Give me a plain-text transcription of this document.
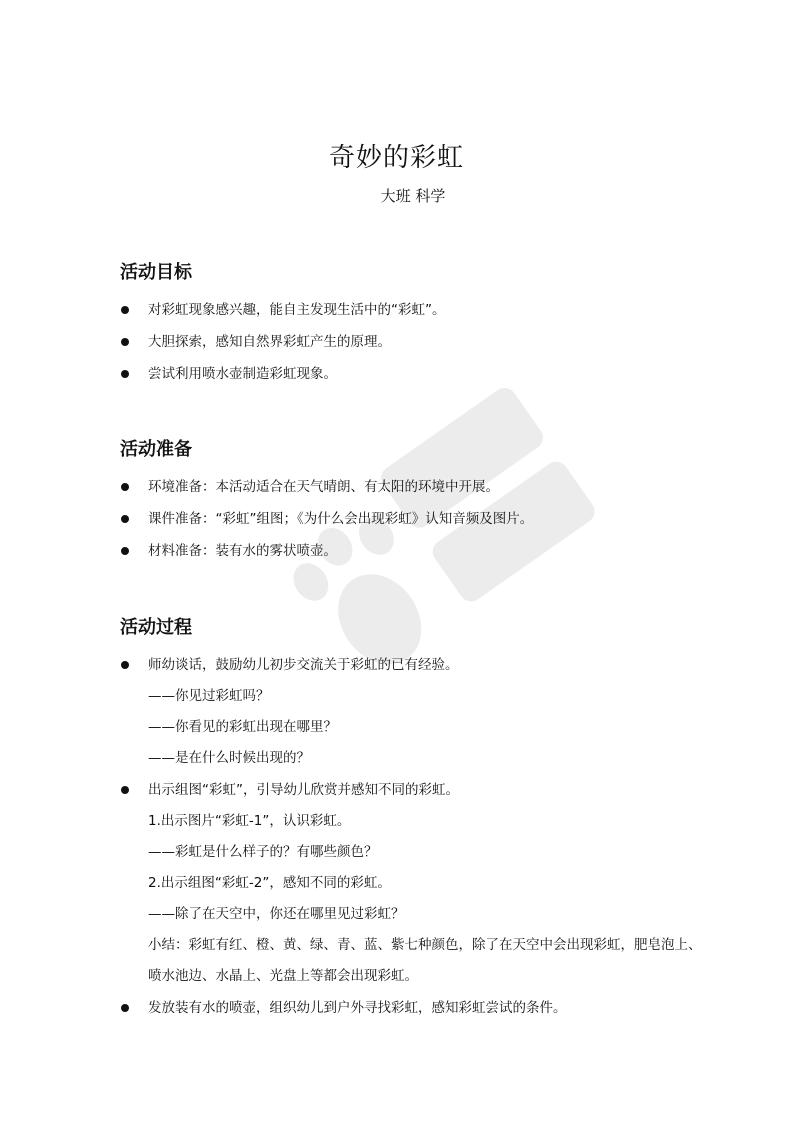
奇妙的彩虹
大班 科学
活动目标
对彩虹现象感兴趣，能自主发现生活中的“彩虹”。
大胆探索，感知自然界彩虹产生的原理。
尝试利用喷水壶制造彩虹现象。
活动准备
环境准备：本活动适合在天气晴朗、有太阳的环境中开展。
课件准备：“彩虹”组图；《为什么会出现彩虹》认知音频及图片。
材料准备：装有水的雾状喷壶。
活动过程
师幼谈话，鼓励幼儿初步交流关于彩虹的已有经验。
——你见过彩虹吗？
——你看见的彩虹出现在哪里？
——是在什么时候出现的？
出示组图“彩虹”，引导幼儿欣赏并感知不同的彩虹。
1.出示图片“彩虹-1”，认识彩虹。
——彩虹是什么样子的？有哪些颜色？
2.出示组图“彩虹-2”，感知不同的彩虹。
——除了在天空中，你还在哪里见过彩虹？
小结：彩虹有红、橙、黄、绿、青、蓝、紫七种颜色，除了在天空中会出现彩虹，肥皂泡上、
喷水池边、水晶上、光盘上等都会出现彩虹。
发放装有水的喷壶，组织幼儿到户外寻找彩虹，感知彩虹尝试的条件。
